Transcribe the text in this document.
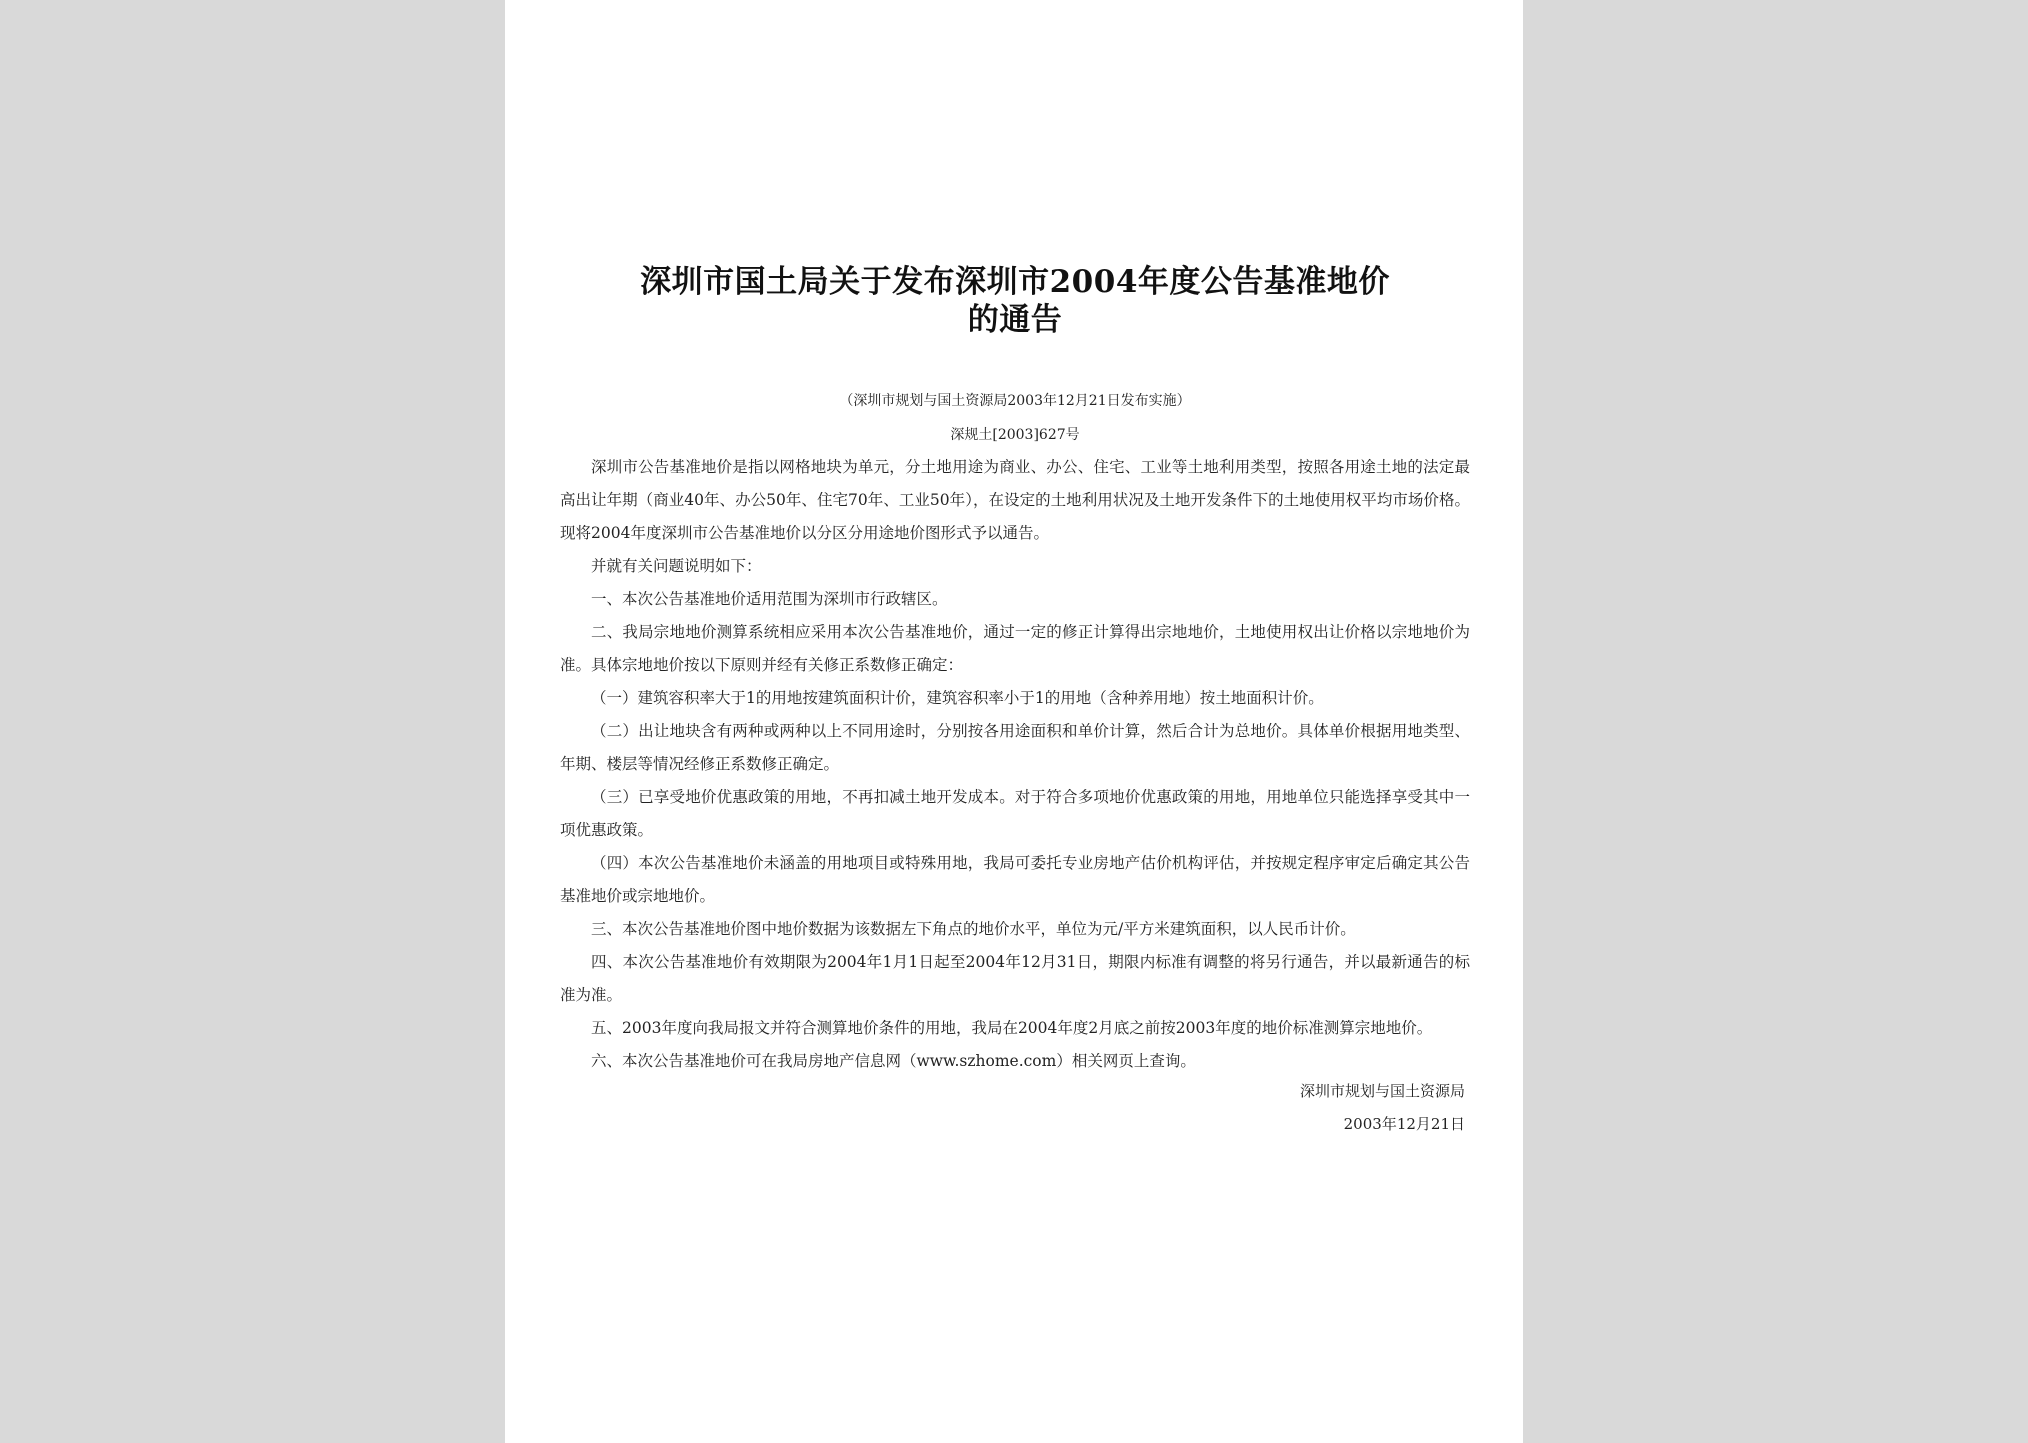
深圳市国土局关于发布深圳市2004年度公告基准地价
的通告
（深圳市规划与国土资源局2003年12月21日发布实施）
深规土[2003]627号

深圳市公告基准地价是指以网格地块为单元，分土地用途为商业、办公、住宅、工业等土地利用类型，按照各用途土地的法定最高出让年期（商业40年、办公50年、住宅70年、工业50年），在设定的土地利用状况及土地开发条件下的土地使用权平均市场价格。现将2004年度深圳市公告基准地价以分区分用途地价图形式予以通告。

并就有关问题说明如下：

一、本次公告基准地价适用范围为深圳市行政辖区。

二、我局宗地地价测算系统相应采用本次公告基准地价，通过一定的修正计算得出宗地地价，土地使用权出让价格以宗地地价为准。具体宗地地价按以下原则并经有关修正系数修正确定：

（一）建筑容积率大于1的用地按建筑面积计价，建筑容积率小于1的用地（含种养用地）按土地面积计价。

（二）出让地块含有两种或两种以上不同用途时，分别按各用途面积和单价计算，然后合计为总地价。具体单价根据用地类型、年期、楼层等情况经修正系数修正确定。

（三）已享受地价优惠政策的用地，不再扣减土地开发成本。对于符合多项地价优惠政策的用地，用地单位只能选择享受其中一项优惠政策。

（四）本次公告基准地价未涵盖的用地项目或特殊用地，我局可委托专业房地产估价机构评估，并按规定程序审定后确定其公告基准地价或宗地地价。

三、本次公告基准地价图中地价数据为该数据左下角点的地价水平，单位为元/平方米建筑面积，以人民币计价。

四、本次公告基准地价有效期限为2004年1月1日起至2004年12月31日，期限内标准有调整的将另行通告，并以最新通告的标准为准。

五、2003年度向我局报文并符合测算地价条件的用地，我局在2004年度2月底之前按2003年度的地价标准测算宗地地价。

六、本次公告基准地价可在我局房地产信息网（www.szhome.com）相关网页上查询。

深圳市规划与国土资源局
2003年12月21日
